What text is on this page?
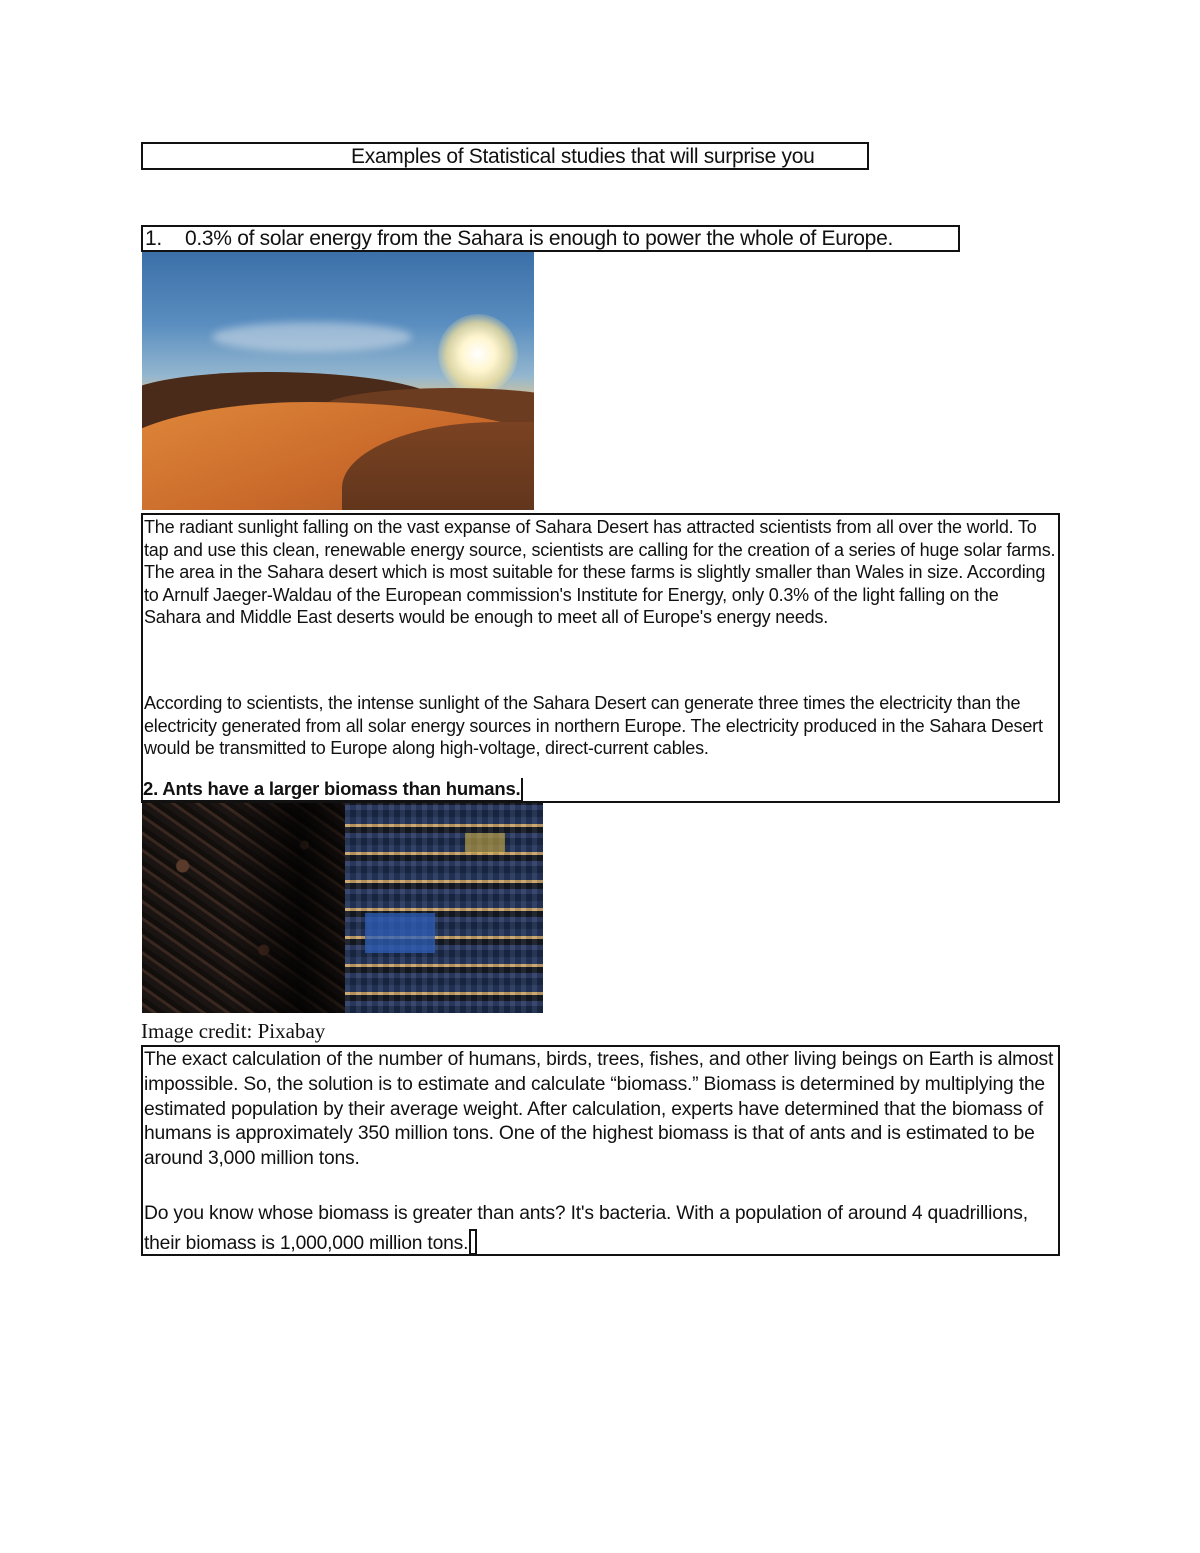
Examples of Statistical studies that will surprise you
1. 0.3% of solar energy from the Sahara is enough to power the whole of Europe.

The radiant sunlight falling on the vast expanse of Sahara Desert has attracted scientists from all over the world. To tap and use this clean, renewable energy source, scientists are calling for the creation of a series of huge solar farms. The area in the Sahara desert which is most suitable for these farms is slightly smaller than Wales in size. According to Arnulf Jaeger-Waldau of the European commission's Institute for Energy, only 0.3% of the light falling on the Sahara and Middle East deserts would be enough to meet all of Europe's energy needs.

According to scientists, the intense sunlight of the Sahara Desert can generate three times the electricity than the electricity generated from all solar energy sources in northern Europe. The electricity produced in the Sahara Desert would be transmitted to Europe along high-voltage, direct-current cables.

2. Ants have a larger biomass than humans.
Image credit: Pixabay

The exact calculation of the number of humans, birds, trees, fishes, and other living beings on Earth is almost impossible. So, the solution is to estimate and calculate “biomass.” Biomass is determined by multiplying the estimated population by their average weight. After calculation, experts have determined that the biomass of humans is approximately 350 million tons. One of the highest biomass is that of ants and is estimated to be around 3,000 million tons.

Do you know whose biomass is greater than ants? It's bacteria. With a population of around 4 quadrillions, their biomass is 1,000,000 million tons.
